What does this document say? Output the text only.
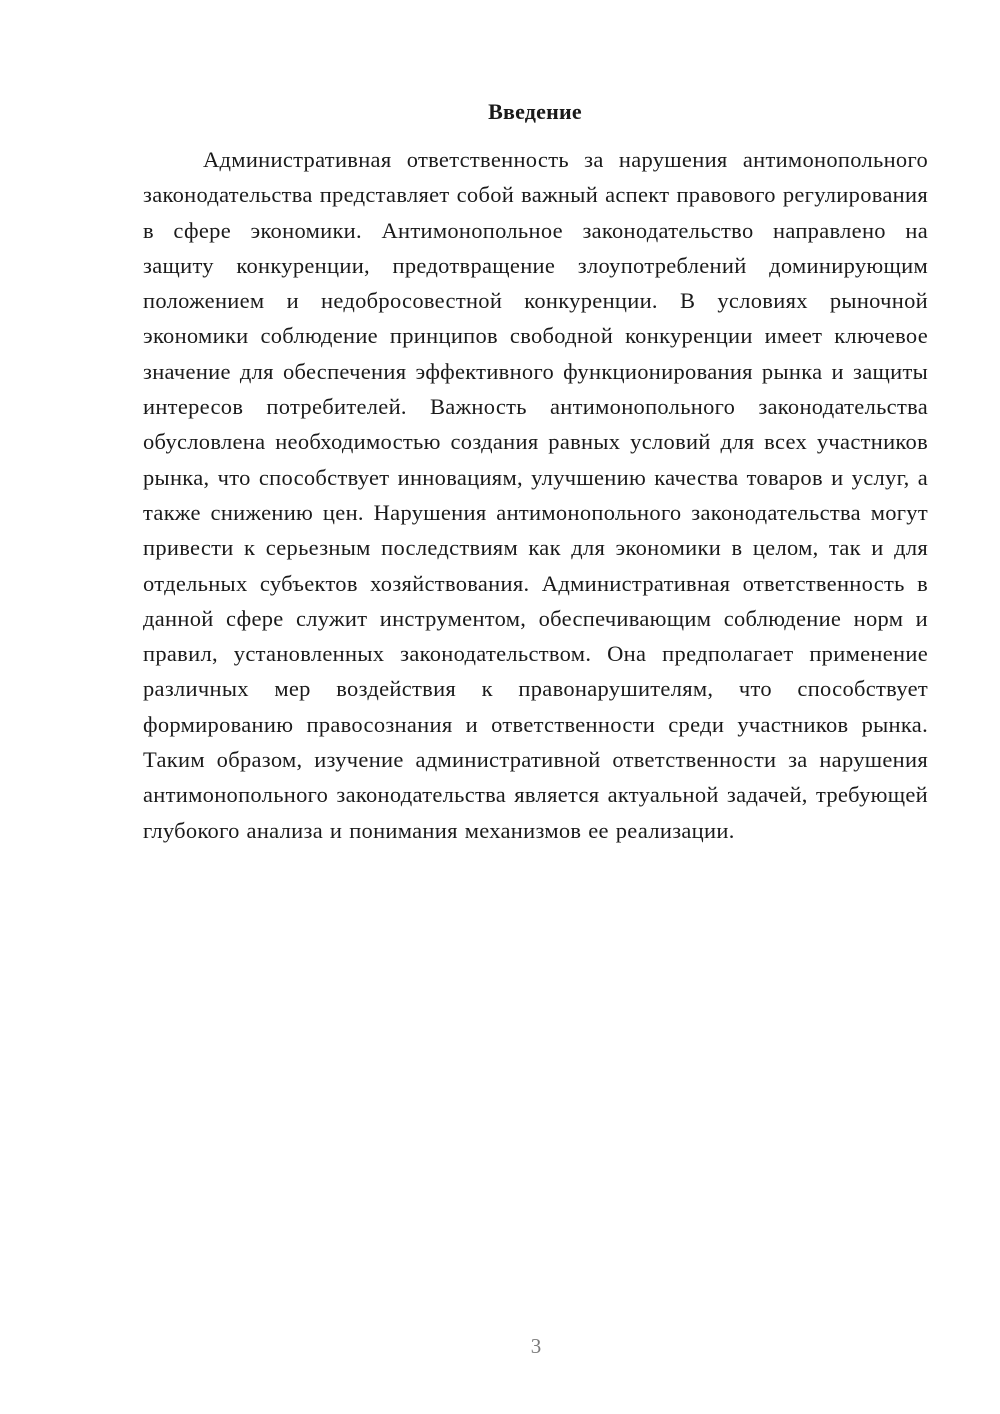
Введение

Административная ответственность за нарушения антимонопольного законодательства представляет собой важный аспект правового регулирования в сфере экономики. Антимонопольное законодательство направлено на защиту конкуренции, предотвращение злоупотреблений доминирующим положением и недобросовестной конкуренции. В условиях рыночной экономики соблюдение принципов свободной конкуренции имеет ключевое значение для обеспечения эффективного функционирования рынка и защиты интересов потребителей. Важность антимонопольного законодательства обусловлена необходимостью создания равных условий для всех участников рынка, что способствует инновациям, улучшению качества товаров и услуг, а также снижению цен. Нарушения антимонопольного законодательства могут привести к серьезным последствиям как для экономики в целом, так и для отдельных субъектов хозяйствования. Административная ответственность в данной сфере служит инструментом, обеспечивающим соблюдение норм и правил, установленных законодательством. Она предполагает применение различных мер воздействия к правонарушителям, что способствует формированию правосознания и ответственности среди участников рынка. Таким образом, изучение административной ответственности за нарушения антимонопольного законодательства является актуальной задачей, требующей глубокого анализа и понимания механизмов ее реализации.

3
